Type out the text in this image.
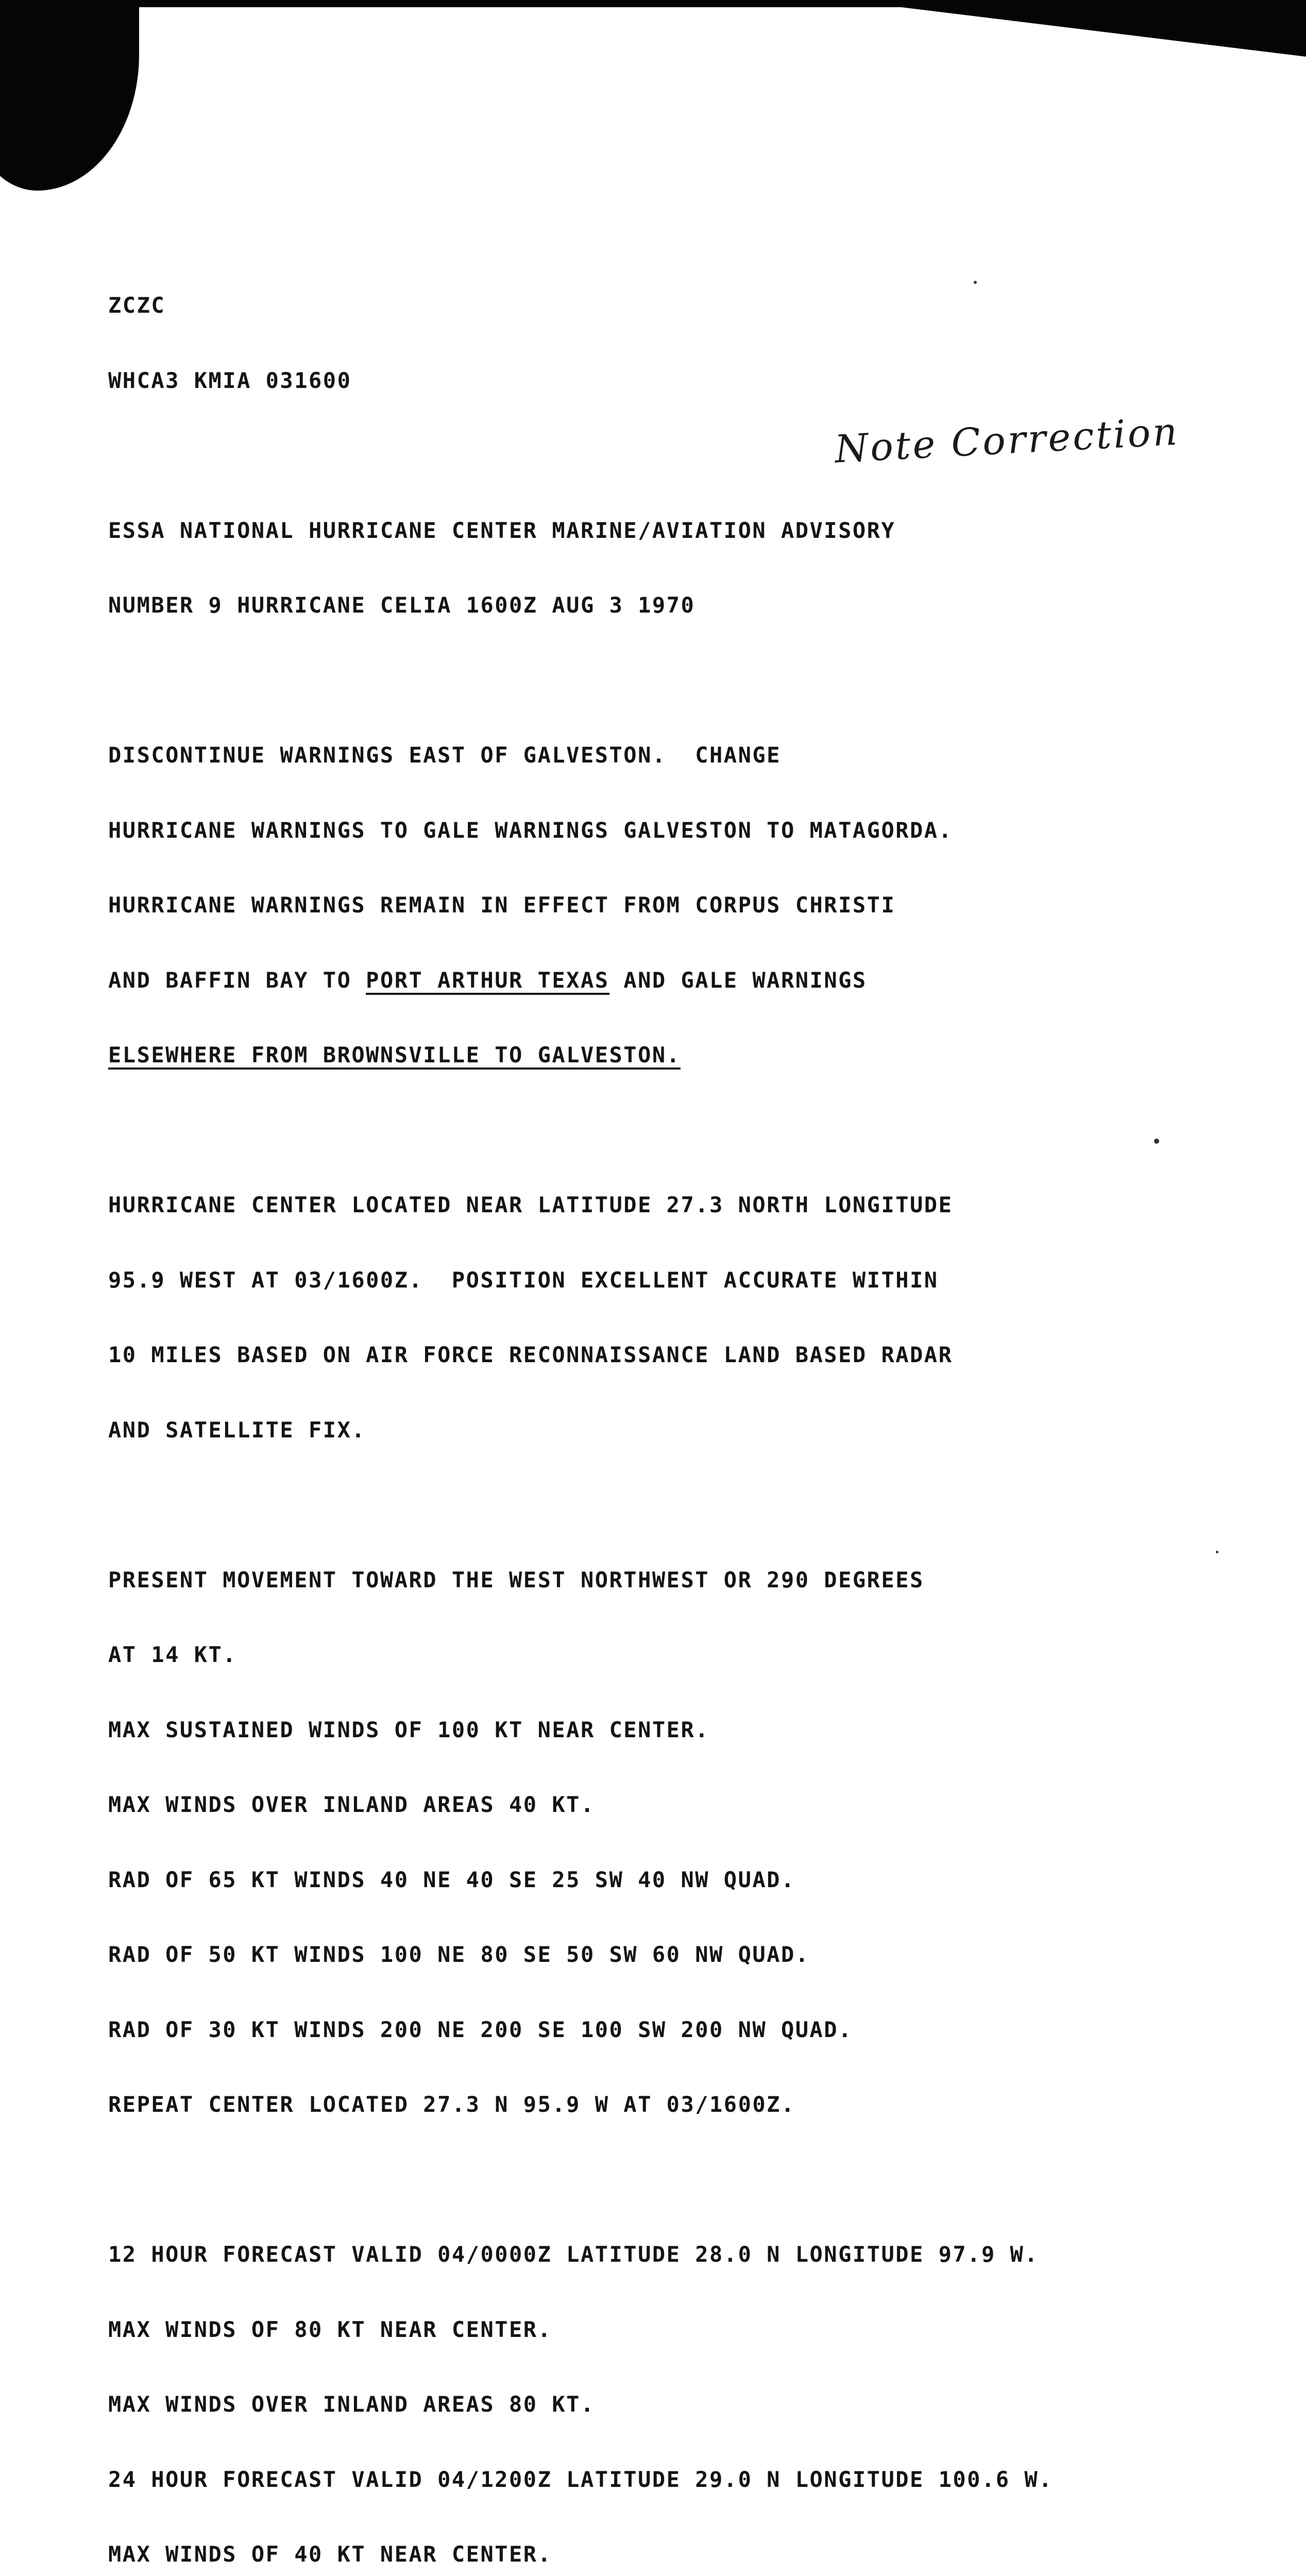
ZCZC

WHCA3 KMIA 031600

ESSA NATIONAL HURRICANE CENTER MARINE/AVIATION ADVISORY

NUMBER 9 HURRICANE CELIA 1600Z AUG 3 1970

DISCONTINUE WARNINGS EAST OF GALVESTON.  CHANGE

HURRICANE WARNINGS TO GALE WARNINGS GALVESTON TO MATAGORDA.

HURRICANE WARNINGS REMAIN IN EFFECT FROM CORPUS CHRISTI

AND BAFFIN BAY TO PORT ARTHUR TEXAS AND GALE WARNINGS

ELSEWHERE FROM BROWNSVILLE TO GALVESTON.

HURRICANE CENTER LOCATED NEAR LATITUDE 27.3 NORTH LONGITUDE

95.9 WEST AT 03/1600Z.  POSITION EXCELLENT ACCURATE WITHIN

10 MILES BASED ON AIR FORCE RECONNAISSANCE LAND BASED RADAR

AND SATELLITE FIX.

PRESENT MOVEMENT TOWARD THE WEST NORTHWEST OR 290 DEGREES

AT 14 KT.

MAX SUSTAINED WINDS OF 100 KT NEAR CENTER.

MAX WINDS OVER INLAND AREAS 40 KT.

RAD OF 65 KT WINDS 40 NE 40 SE 25 SW 40 NW QUAD.

RAD OF 50 KT WINDS 100 NE 80 SE 50 SW 60 NW QUAD.

RAD OF 30 KT WINDS 200 NE 200 SE 100 SW 200 NW QUAD.

REPEAT CENTER LOCATED 27.3 N 95.9 W AT 03/1600Z.

12 HOUR FORECAST VALID 04/0000Z LATITUDE 28.0 N LONGITUDE 97.9 W.

MAX WINDS OF 80 KT NEAR CENTER.

MAX WINDS OVER INLAND AREAS 80 KT.

24 HOUR FORECAST VALID 04/1200Z LATITUDE 29.0 N LONGITUDE 100.6 W.

MAX WINDS OF 40 KT NEAR CENTER.

Note Correction
